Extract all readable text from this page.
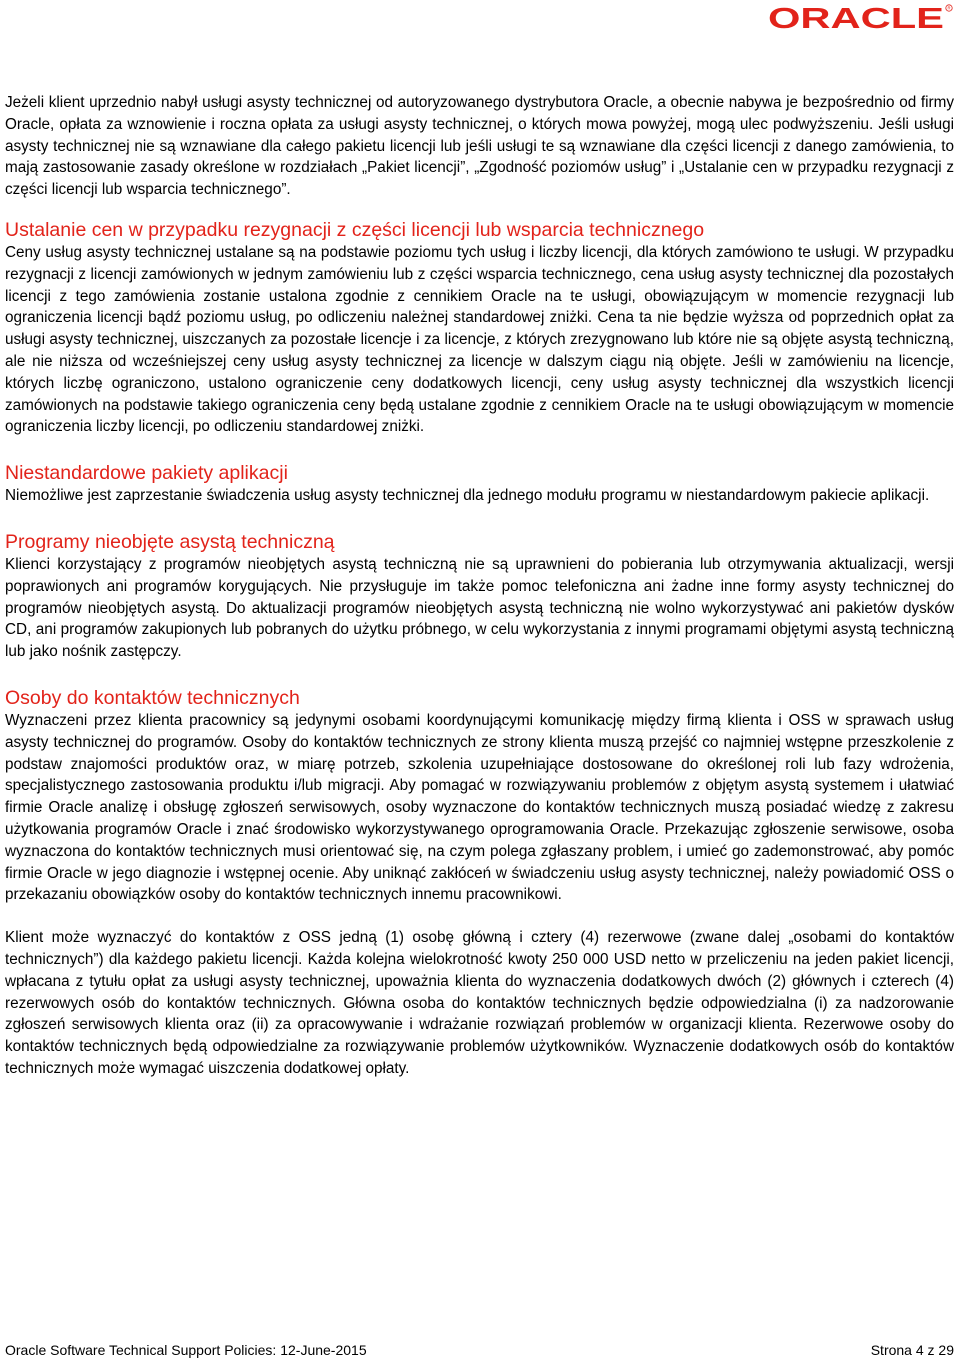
ORACLE R

Jeżeli klient uprzednio nabył usługi asysty technicznej od autoryzowanego dystrybutora Oracle, a obecnie nabywa je bezpośrednio od firmy Oracle, opłata za wznowienie i roczna opłata za usługi asysty technicznej, o których mowa powyżej, mogą ulec podwyższeniu. Jeśli usługi asysty technicznej nie są wznawiane dla całego pakietu licencji lub jeśli usługi te są wznawiane dla części licencji z danego zamówienia, to mają zastosowanie zasady określone w rozdziałach „Pakiet licencji”, „Zgodność poziomów usług” i „Ustalanie cen w przypadku rezygnacji z części licencji lub wsparcia technicznego”.

Ustalanie cen w przypadku rezygnacji z części licencji lub wsparcia technicznego

Ceny usług asysty technicznej ustalane są na podstawie poziomu tych usług i liczby licencji, dla których zamówiono te usługi. W przypadku rezygnacji z licencji zamówionych w jednym zamówieniu lub z części wsparcia technicznego, cena usług asysty technicznej dla pozostałych licencji z tego zamówienia zostanie ustalona zgodnie z cennikiem Oracle na te usługi, obowiązującym w momencie rezygnacji lub ograniczenia licencji bądź poziomu usług, po odliczeniu należnej standardowej zniżki. Cena ta nie będzie wyższa od poprzednich opłat za usługi asysty technicznej, uiszczanych za pozostałe licencje i za licencje, z których zrezygnowano lub które nie są objęte asystą techniczną, ale nie niższa od wcześniejszej ceny usług asysty technicznej za licencje w dalszym ciągu nią objęte. Jeśli w zamówieniu na licencje, których liczbę ograniczono, ustalono ograniczenie ceny dodatkowych licencji, ceny usług asysty technicznej dla wszystkich licencji zamówionych na podstawie takiego ograniczenia ceny będą ustalane zgodnie z cennikiem Oracle na te usługi obowiązującym w momencie ograniczenia liczby licencji, po odliczeniu standardowej zniżki.

Niestandardowe pakiety aplikacji

Niemożliwe jest zaprzestanie świadczenia usług asysty technicznej dla jednego modułu programu w niestandardowym pakiecie aplikacji.

Programy nieobjęte asystą techniczną

Klienci korzystający z programów nieobjętych asystą techniczną nie są uprawnieni do pobierania lub otrzymywania aktualizacji, wersji poprawionych ani programów korygujących. Nie przysługuje im także pomoc telefoniczna ani żadne inne formy asysty technicznej do programów nieobjętych asystą. Do aktualizacji programów nieobjętych asystą techniczną nie wolno wykorzystywać ani pakietów dysków CD, ani programów zakupionych lub pobranych do użytku próbnego, w celu wykorzystania z innymi programami objętymi asystą techniczną lub jako nośnik zastępczy.

Osoby do kontaktów technicznych

Wyznaczeni przez klienta pracownicy są jedynymi osobami koordynującymi komunikację między firmą klienta i OSS w sprawach usług asysty technicznej do programów. Osoby do kontaktów technicznych ze strony klienta muszą przejść co najmniej wstępne przeszkolenie z podstaw znajomości produktów oraz, w miarę potrzeb, szkolenia uzupełniające dostosowane do określonej roli lub fazy wdrożenia, specjalistycznego zastosowania produktu i/lub migracji. Aby pomagać w rozwiązywaniu problemów z objętym asystą systemem i ułatwiać firmie Oracle analizę i obsługę zgłoszeń serwisowych, osoby wyznaczone do kontaktów technicznych muszą posiadać wiedzę z zakresu użytkowania programów Oracle i znać środowisko wykorzystywanego oprogramowania Oracle. Przekazując zgłoszenie serwisowe, osoba wyznaczona do kontaktów technicznych musi orientować się, na czym polega zgłaszany problem, i umieć go zademonstrować, aby pomóc firmie Oracle w jego diagnozie i wstępnej ocenie. Aby uniknąć zakłóceń w świadczeniu usług asysty technicznej, należy powiadomić OSS o przekazaniu obowiązków osoby do kontaktów technicznych innemu pracownikowi.

Klient może wyznaczyć do kontaktów z OSS jedną (1) osobę główną i cztery (4) rezerwowe (zwane dalej „osobami do kontaktów technicznych”) dla każdego pakietu licencji. Każda kolejna wielokrotność kwoty 250 000 USD netto w przeliczeniu na jeden pakiet licencji, wpłacana z tytułu opłat za usługi asysty technicznej, upoważnia klienta do wyznaczenia dodatkowych dwóch (2) głównych i czterech (4) rezerwowych osób do kontaktów technicznych. Główna osoba do kontaktów technicznych będzie odpowiedzialna (i) za nadzorowanie zgłoszeń serwisowych klienta oraz (ii) za opracowywanie i wdrażanie rozwiązań problemów w organizacji klienta. Rezerwowe osoby do kontaktów technicznych będą odpowiedzialne za rozwiązywanie problemów użytkowników. Wyznaczenie dodatkowych osób do kontaktów technicznych może wymagać uiszczenia dodatkowej opłaty.

Oracle Software Technical Support Policies: 12-June-2015	Strona 4 z 29
